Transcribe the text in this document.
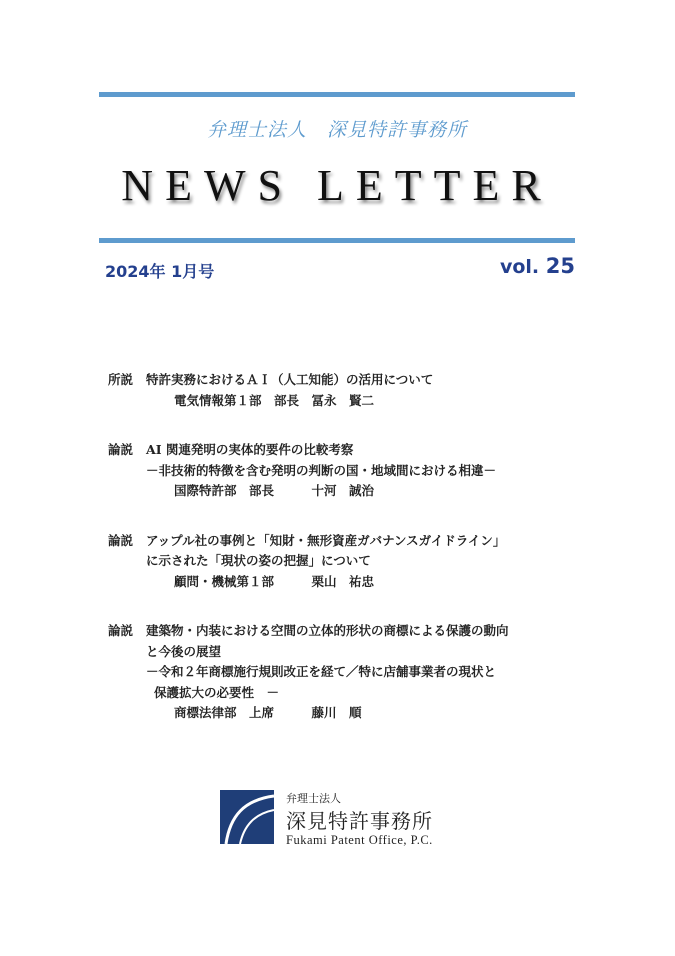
弁理士法人　深見特許事務所
NEWS LETTER
2024年 1月号	vol. 25
所説	特許実務におけるＡＩ（人工知能）の活用について
電気情報第１部　部長　冨永　賢二
論説	AI 関連発明の実体的要件の比較考察
－非技術的特徴を含む発明の判断の国・地域間における相違－
国際特許部　部長　　　十河　誠治
論説	アップル社の事例と「知財・無形資産ガバナンスガイドライン」
に示された「現状の姿の把握」について
顧問・機械第１部　　　栗山　祐忠
論説	建築物・内装における空間の立体的形状の商標による保護の動向
と今後の展望
－令和２年商標施行規則改正を経て／特に店舗事業者の現状と
保護拡大の必要性　－
商標法律部　上席　　　藤川　順
弁理士法人
深見特許事務所
Fukami Patent Office, P.C.
